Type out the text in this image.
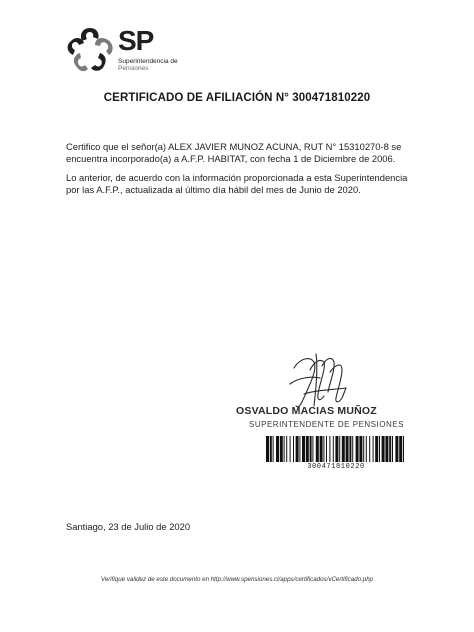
SP
Superintendencia de
Pensiones
CERTIFICADO DE AFILIACIÓN N° 300471810220
Certifico que el señor(a) ALEX JAVIER MUNOZ ACUNA, RUT N° 15310270-8 se encuentra incorporado(a) a A.F.P. HABITAT, con fecha 1 de Diciembre de 2006.
Lo anterior, de acuerdo con la información proporcionada a esta Superintendencia por las A.F.P., actualizada al último día hábil del mes de Junio de 2020.
OSVALDO MACIAS MUÑOZ
SUPERINTENDENTE DE PENSIONES
300471810220
Santiago, 23 de Julio de 2020
Verifique validez de este documento en http://www.spensiones.cl/apps/certificados/vCertificado.php
